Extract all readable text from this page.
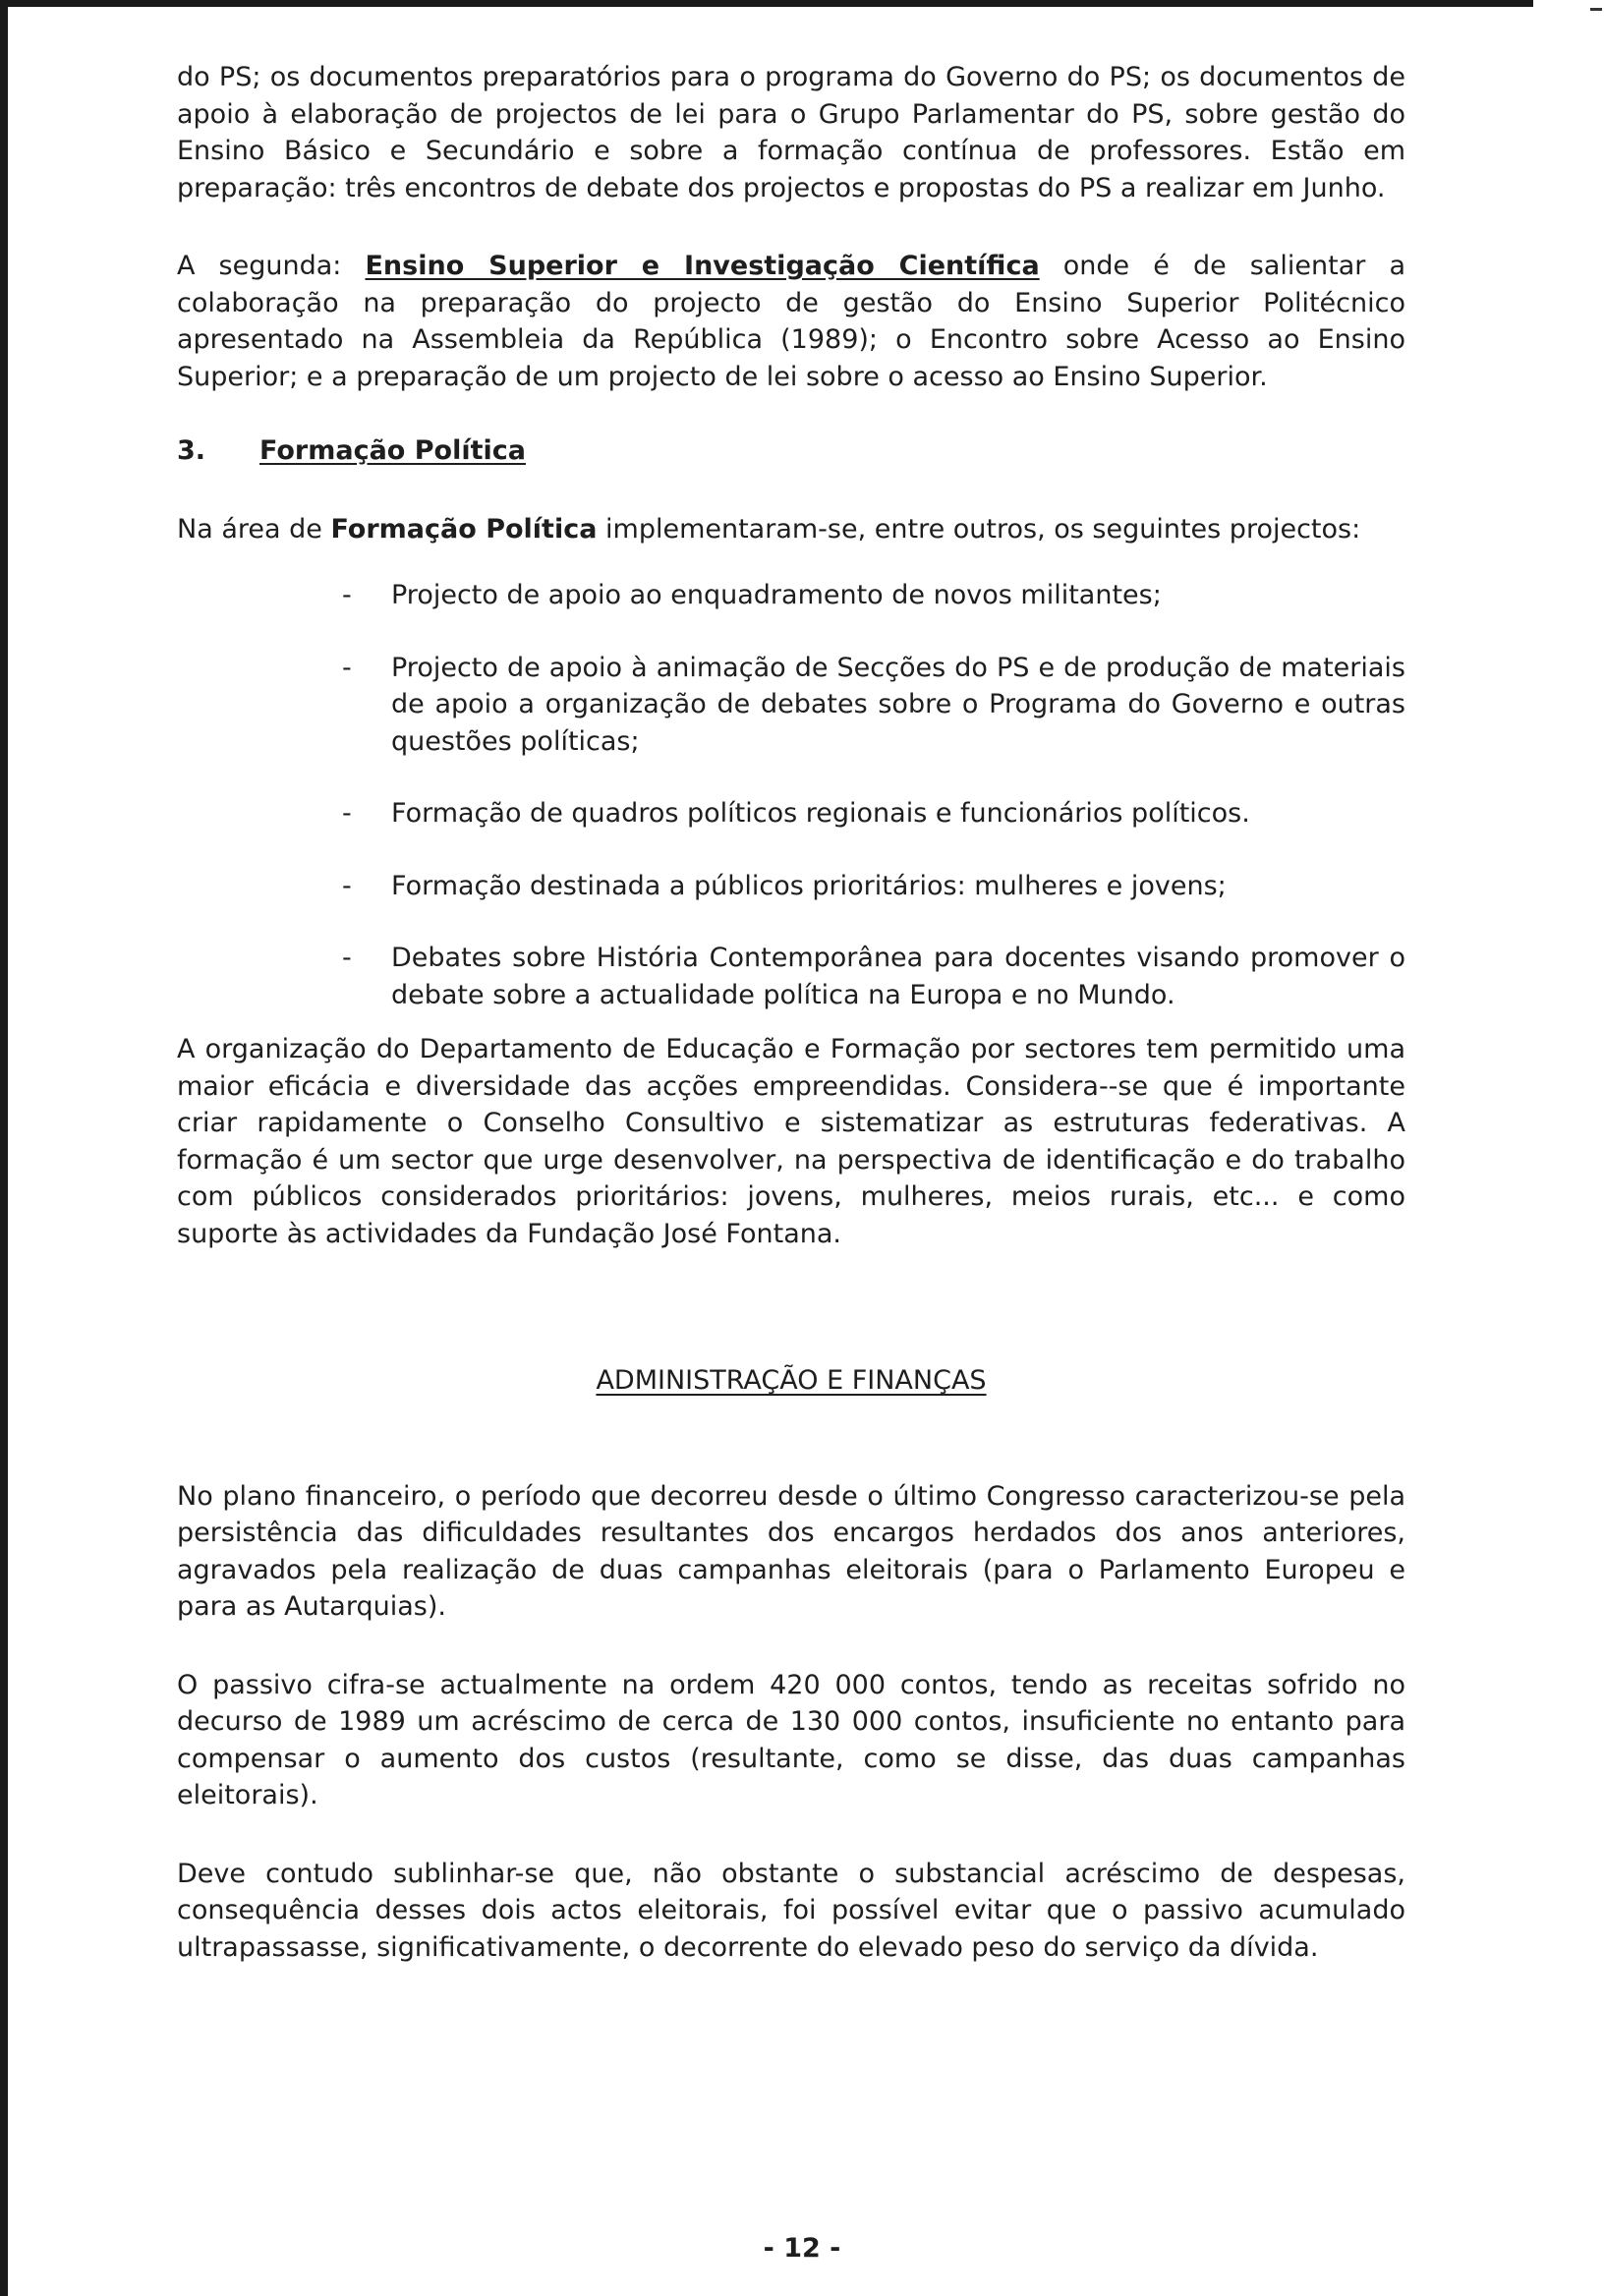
do PS; os documentos preparatórios para o programa do Governo do PS; os documentos de apoio à elaboração de projectos de lei para o Grupo Parlamentar do PS, sobre gestão do Ensino Básico e Secundário e sobre a formação contínua de professores. Estão em preparação: três encontros de debate dos projectos e propostas do PS a realizar em Junho.

A segunda: Ensino Superior e Investigação Científica onde é de salientar a colaboração na preparação do projecto de gestão do Ensino Superior Politécnico apresentado na Assembleia da República (1989); o Encontro sobre Acesso ao Ensino Superior; e a preparação de um projecto de lei sobre o acesso ao Ensino Superior.

3. Formação Política

Na área de Formação Política implementaram-se, entre outros, os seguintes projectos:

- Projecto de apoio ao enquadramento de novos militantes;
- Projecto de apoio à animação de Secções do PS e de produção de materiais de apoio a organização de debates sobre o Programa do Governo e outras questões políticas;
- Formação de quadros políticos regionais e funcionários políticos.
- Formação destinada a públicos prioritários: mulheres e jovens;
- Debates sobre História Contemporânea para docentes visando promover o debate sobre a actualidade política na Europa e no Mundo.

A organização do Departamento de Educação e Formação por sectores tem permitido uma maior eficácia e diversidade das acções empreendidas. Considera--se que é importante criar rapidamente o Conselho Consultivo e sistematizar as estruturas federativas. A formação é um sector que urge desenvolver, na perspectiva de identificação e do trabalho com públicos considerados prioritários: jovens, mulheres, meios rurais, etc... e como suporte às actividades da Fundação José Fontana.

ADMINISTRAÇÃO E FINANÇAS

No plano financeiro, o período que decorreu desde o último Congresso caracterizou-se pela persistência das dificuldades resultantes dos encargos herdados dos anos anteriores, agravados pela realização de duas campanhas eleitorais (para o Parlamento Europeu e para as Autarquias).

O passivo cifra-se actualmente na ordem 420 000 contos, tendo as receitas sofrido no decurso de 1989 um acréscimo de cerca de 130 000 contos, insuficiente no entanto para compensar o aumento dos custos (resultante, como se disse, das duas campanhas eleitorais).

Deve contudo sublinhar-se que, não obstante o substancial acréscimo de despesas, consequência desses dois actos eleitorais, foi possível evitar que o passivo acumulado ultrapassasse, significativamente, o decorrente do elevado peso do serviço da dívida.

- 12 -
